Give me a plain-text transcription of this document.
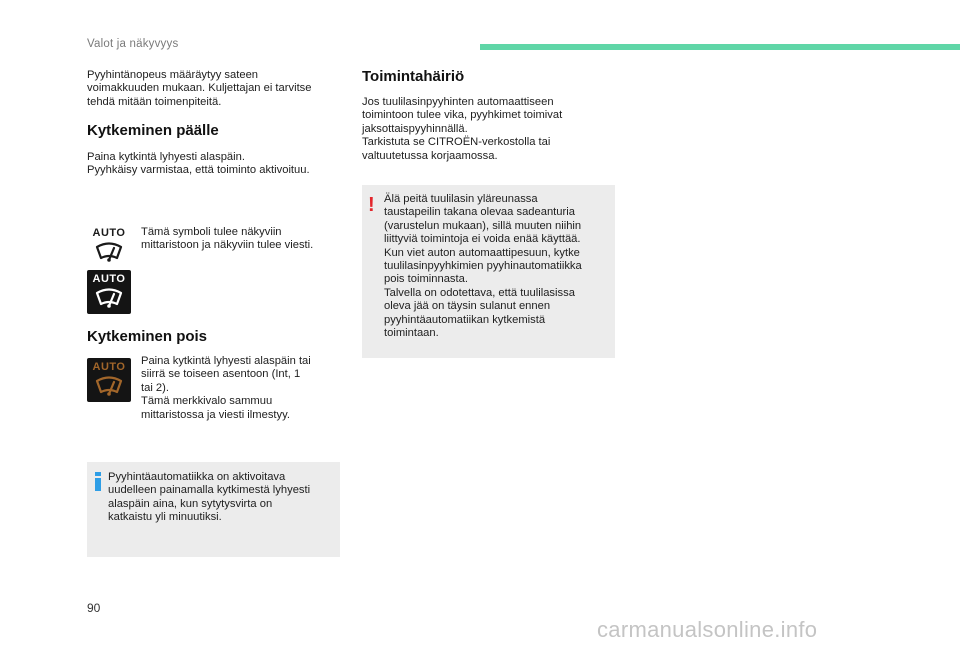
Valot ja näkyvyys
Pyyhintänopeus määräytyy sateen
voimakkuuden mukaan. Kuljettajan ei tarvitse
tehdä mitään toimenpiteitä.
Kytkeminen päälle
Paina kytkintä lyhyesti alaspäin.
Pyyhkäisy varmistaa, että toiminto aktivoituu.
AUTO	Tämä symboli tulee näkyviin
mittaristoon ja näkyviin tulee viesti.
AUTO
Kytkeminen pois
AUTO	Paina kytkintä lyhyesti alaspäin tai
siirrä se toiseen asentoon (Int, 1
tai 2).
Tämä merkkivalo sammuu
mittaristossa ja viesti ilmestyy.
Pyyhintäautomatiikka on aktivoitava
uudelleen painamalla kytkimestä lyhyesti
alaspäin aina, kun sytytysvirta on
katkaistu yli minuutiksi.
Toimintahäiriö
Jos tuulilasinpyyhinten automaattiseen
toimintoon tulee vika, pyyhkimet toimivat
jaksottaispyyhinnällä.
Tarkistuta se CITROËN-verkostolla tai
valtuutetussa korjaamossa.
! Älä peitä tuulilasin yläreunassa
taustapeilin takana olevaa sadeanturia
(varustelun mukaan), sillä muuten niihin
liittyviä toimintoja ei voida enää käyttää.
Kun viet auton automaattipesuun, kytke
tuulilasinpyyhkimien pyyhinautomatiikka
pois toiminnasta.
Talvella on odotettava, että tuulilasissa
oleva jää on täysin sulanut ennen
pyyhintäautomatiikan kytkemistä
toimintaan.
90
carmanualsonline.info
